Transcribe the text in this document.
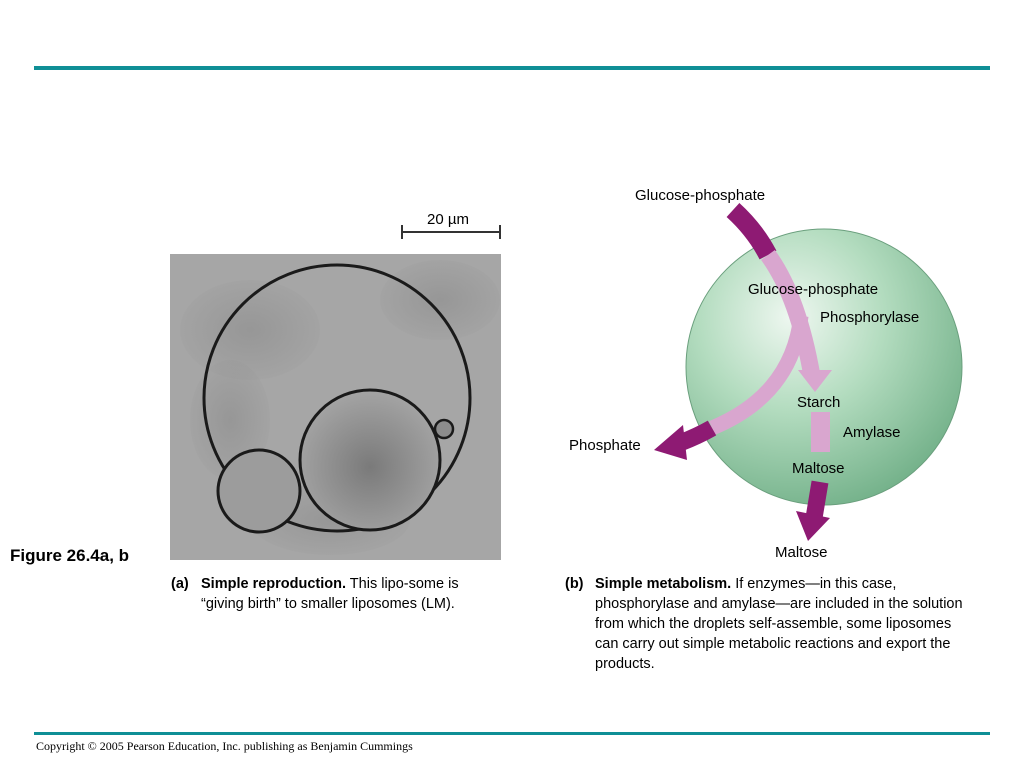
20 µm
Glucose-phosphate
Glucose-phosphate
Phosphorylase
Starch
Amylase
Maltose
Phosphate
Maltose
Figure 26.4a, b
(a) Simple reproduction. This lipo-some is “giving birth” to smaller liposomes (LM).
(b) Simple metabolism. If enzymes—in this case, phosphorylase and amylase—are included in the solution from which the droplets self-assemble, some liposomes can carry out simple metabolic reactions and export the products.
Copyright © 2005 Pearson Education, Inc. publishing as Benjamin Cummings
